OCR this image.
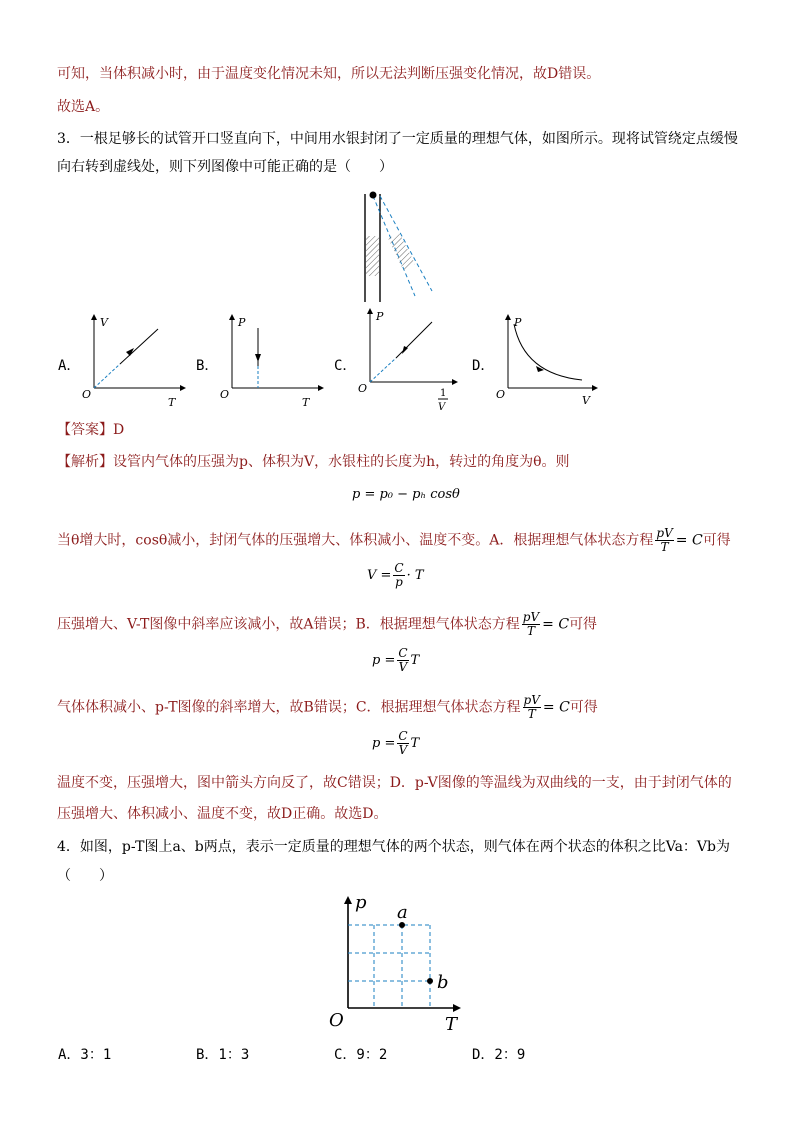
可知，当体积减小时，由于温度变化情况未知，所以无法判断压强变化情况，故D错误。
故选A。
3．一根足够长的试管开口竖直向下，中间用水银封闭了一定质量的理想气体，如图所示。现将试管绕定点缓慢
向右转到虚线处，则下列图像中可能正确的是（　　）
A．
V
T
O
B．
P
T
O
C．
P
1
V
O
D．
P
V
O
【答案】D
【解析】设管内气体的压强为p、体积为V，水银柱的长度为h，转过的角度为θ。则
p = p₀ − pₕ cosθ
当θ增大时，cosθ减小，封闭气体的压强增大、体积减小、温度不变。A．根据理想气体状态方程 $\frac{pV}{T} = C$可得
$V = \frac{C}{p} \cdot T$
压强增大、V-T图像中斜率应该减小，故A错误；B．根据理想气体状态方程 $\frac{pV}{T} = C$可得
$p = \frac{C}{V}$ T
气体体积减小、p-T图像的斜率增大，故B错误；C．根据理想气体状态方程 $\frac{pV}{T} = C$可得
$p = \frac{C}{V}$ T
温度不变，压强增大，图中箭头方向反了，故C错误；D．p-V图像的等温线为双曲线的一支，由于封闭气体的
压强增大、体积减小、温度不变，故D正确。故选D。
4．如图，p-T图上a、b两点，表示一定质量的理想气体的两个状态，则气体在两个状态的体积之比Va：Vb为
（　　）
p
T
O
a
b
A．3：1	B．1：3	C．9：2	D．2：9
